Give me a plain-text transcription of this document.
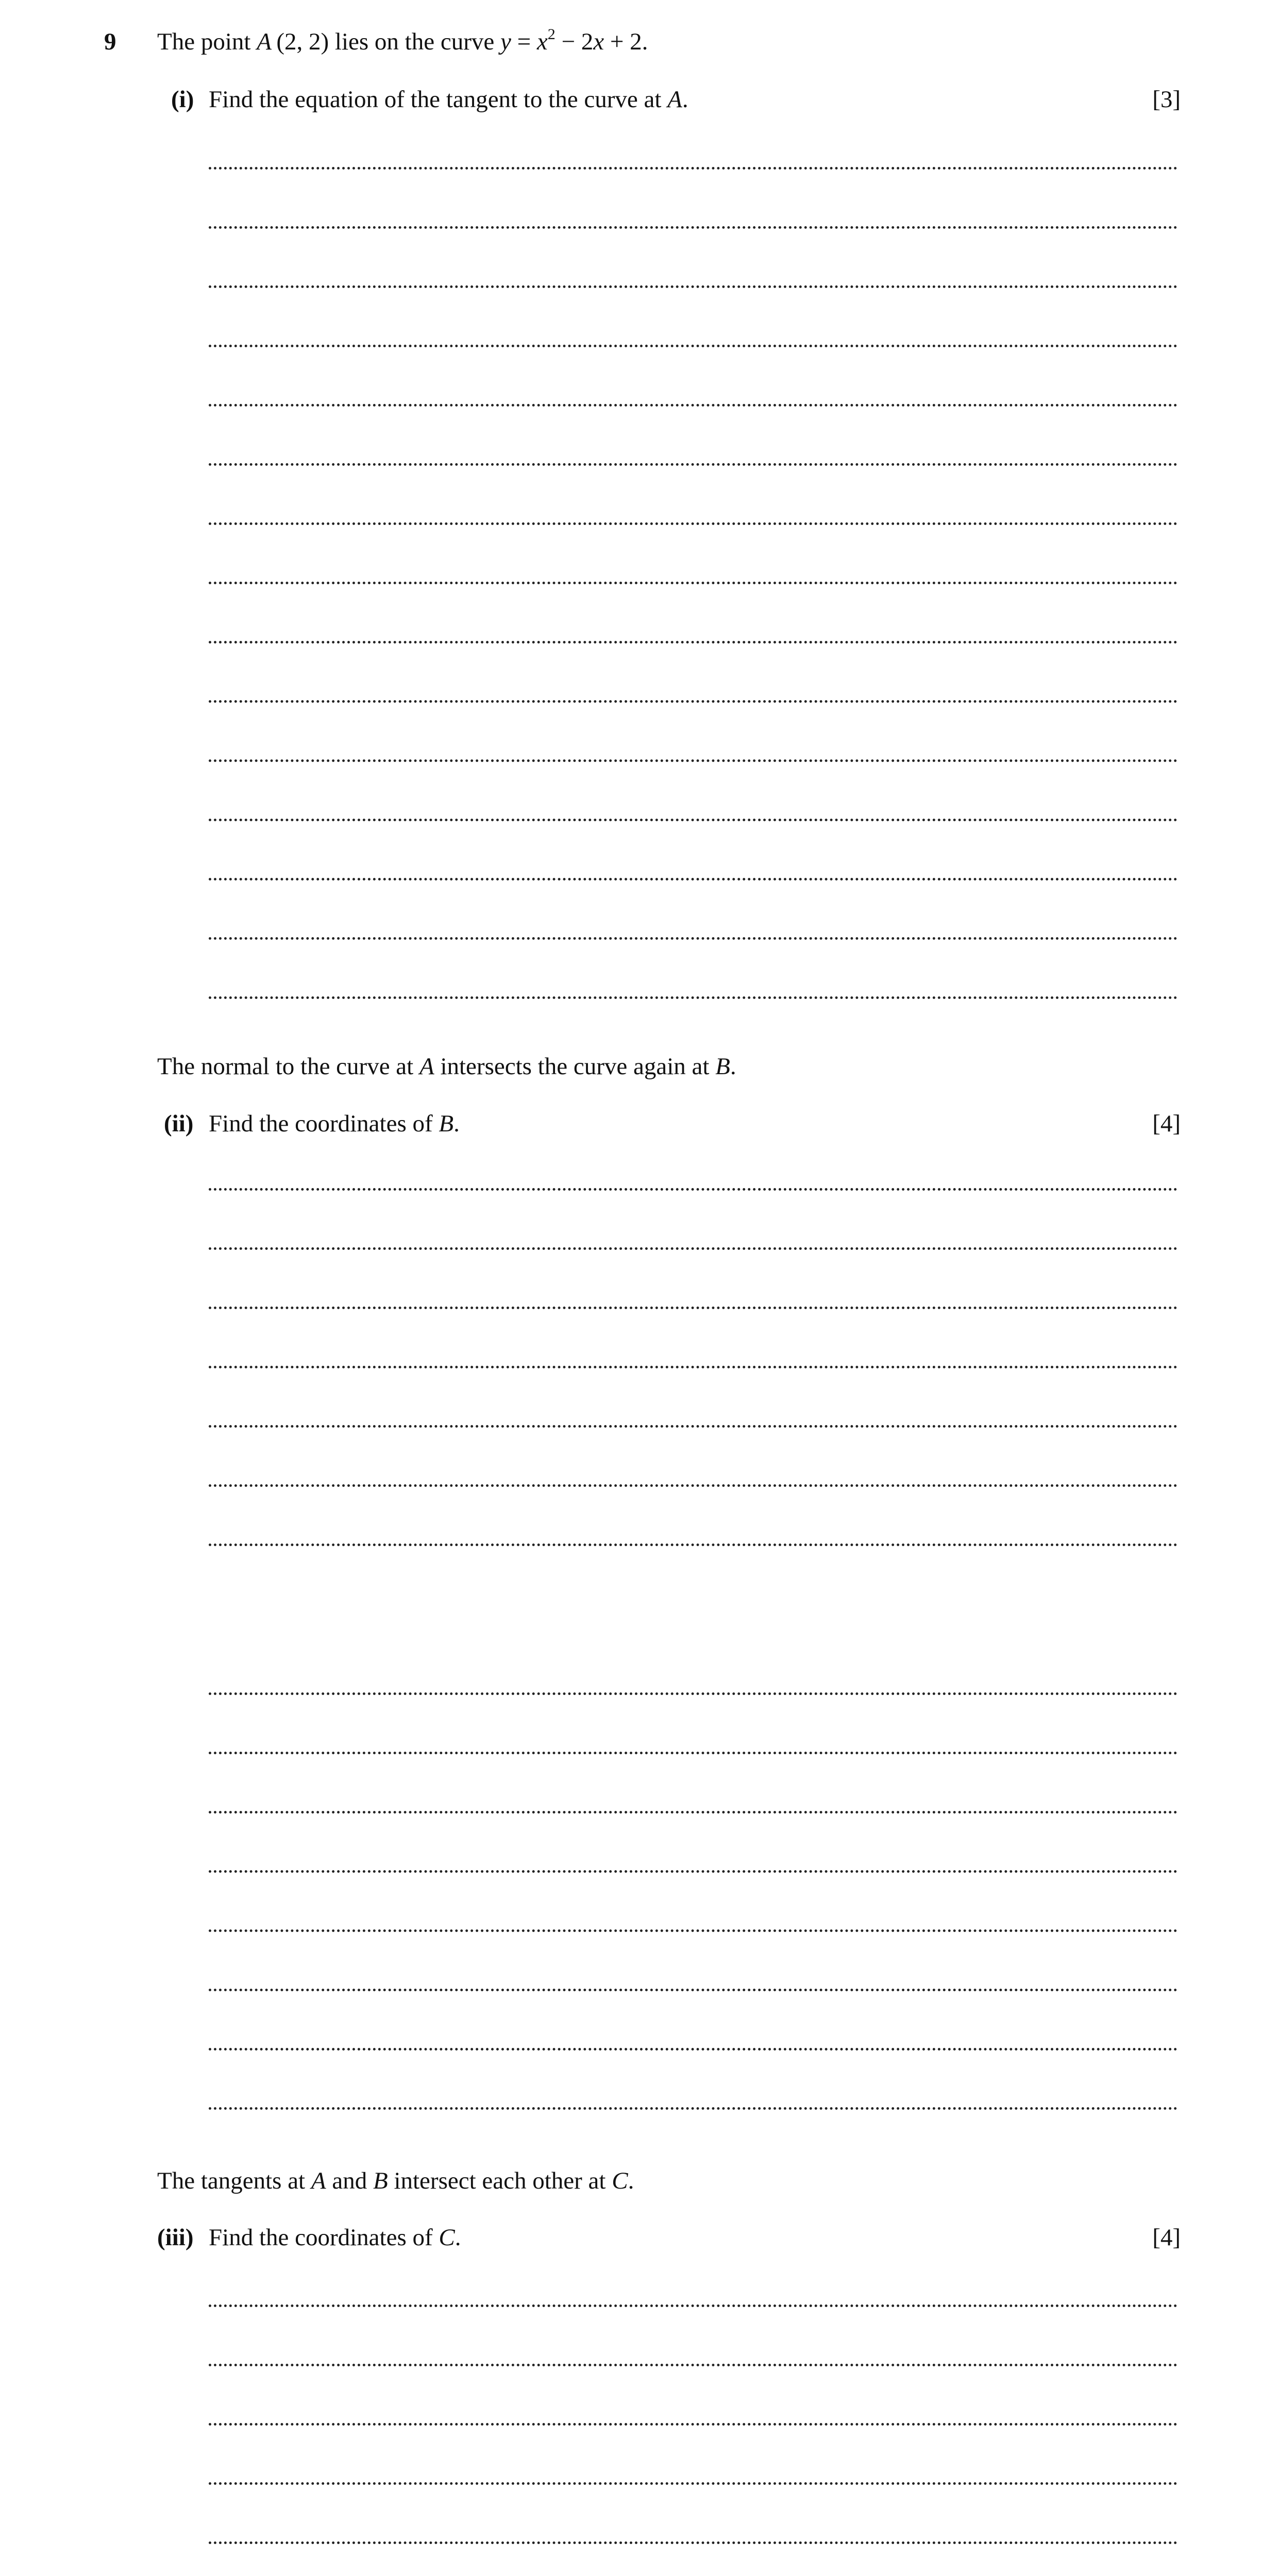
9 The point A  (2, 2) lies on the curve $y = x^2 - 2x + 2$.
(i) Find the equation of the tangent to the curve at A.	[3]
The normal to the curve at A intersects the curve again at B.
(ii) Find the coordinates of B.	[4]
The tangents at A and B intersect each other at C.
(iii) Find the coordinates of C.	[4]
